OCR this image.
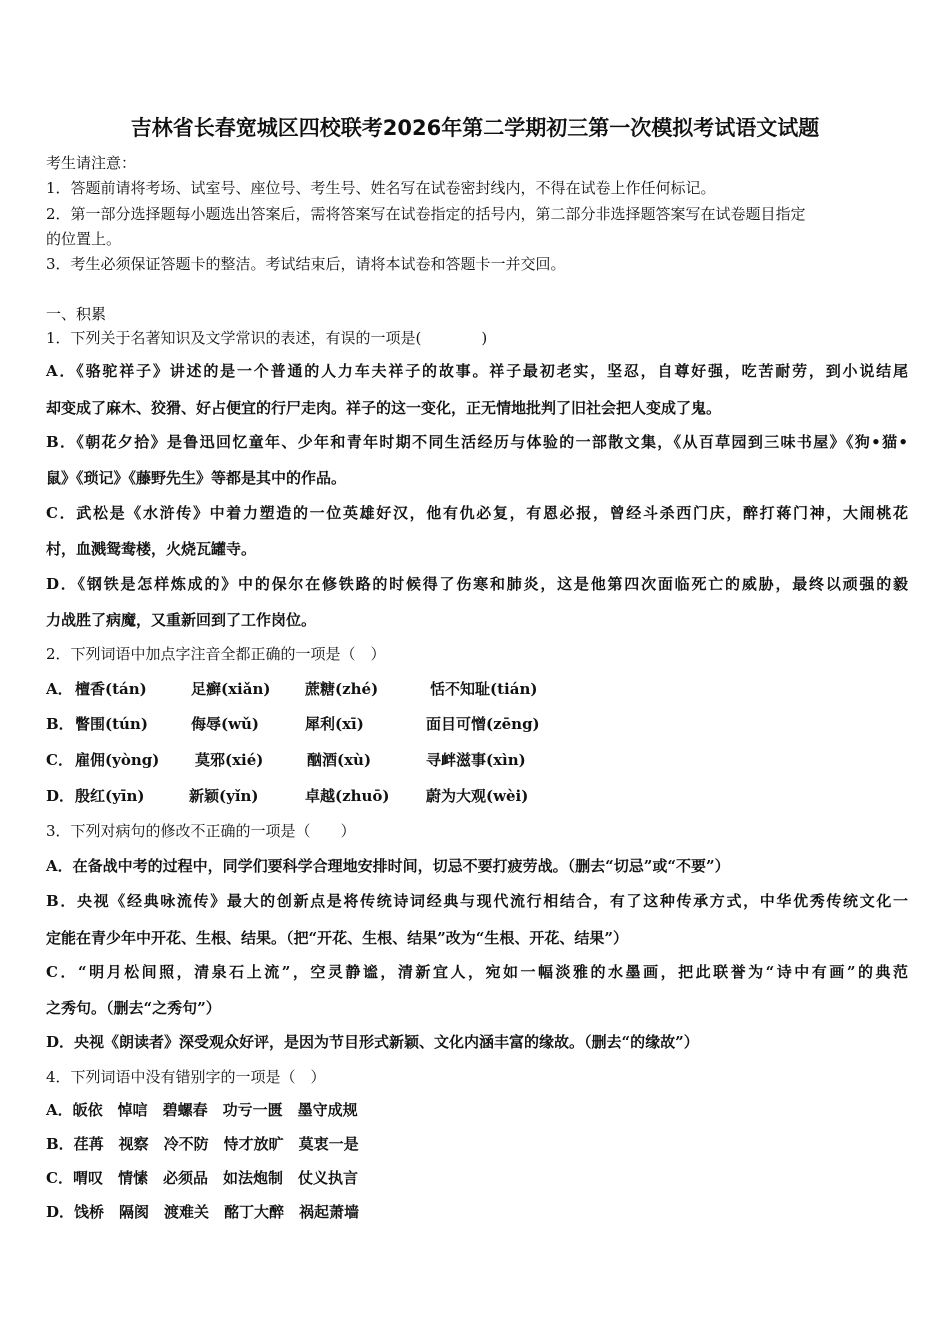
吉林省长春宽城区四校联考2026年第二学期初三第一次模拟考试语文试题
考生请注意：
1．答题前请将考场、试室号、座位号、考生号、姓名写在试卷密封线内，不得在试卷上作任何标记。
2．第一部分选择题每小题选出答案后，需将答案写在试卷指定的括号内，第二部分非选择题答案写在试卷题目指定
的位置上。
3．考生必须保证答题卡的整洁。考试结束后，请将本试卷和答题卡一并交回。
一、积累
1．下列关于名著知识及文学常识的表述，有误的一项是(　　　　)
A．《骆驼祥子》讲述的是一个普通的人力车夫祥子的故事。祥子最初老实，坚忍，自尊好强，吃苦耐劳，到小说结尾
却变成了麻木、狡猾、好占便宜的行尸走肉。祥子的这一变化，正无情地批判了旧社会把人变成了鬼。
B．《朝花夕拾》是鲁迅回忆童年、少年和青年时期不同生活经历与体验的一部散文集，《从百草园到三味书屋》《狗•猫•
鼠》《琐记》《藤野先生》等都是其中的作品。
C．武松是《水浒传》中着力塑造的一位英雄好汉，他有仇必复，有恩必报，曾经斗杀西门庆，醉打蒋门神，大闹桃花
村，血溅鸳鸯楼，火烧瓦罐寺。
D．《钢铁是怎样炼成的》中的保尔在修铁路的时候得了伤寒和肺炎，这是他第四次面临死亡的威胁，最终以顽强的毅
力战胜了病魔，又重新回到了工作岗位。
2．下列词语中加点字注音全都正确的一项是（　）
A． 檀香(tán)	足癣(xiǎn) 蔗糖(zhé)	恬不知耻(tián)
B． 瞥围(tún)	侮辱(wǔ)	犀利(xī)	面目可憎(zēng)
C． 雇佣(yòng) 莫邪(xié)	酗酒(xù)	寻衅滋事(xìn)
D． 殷红(yīn)	新颖(yǐn)	卓越(zhuō) 蔚为大观(wèi)
3．下列对病句的修改不正确的一项是（　　）
A．在备战中考的过程中，同学们要科学合理地安排时间，切忌不要打疲劳战。（删去“切忌”或“不要”）
B．央视《经典咏流传》最大的创新点是将传统诗词经典与现代流行相结合，有了这种传承方式，中华优秀传统文化一
定能在青少年中开花、生根、结果。（把“开花、生根、结果”改为“生根、开花、结果”）
C．“明月松间照，清泉石上流”，空灵静谧，清新宜人，宛如一幅淡雅的水墨画，把此联誉为“诗中有画”的典范
之秀句。（删去“之秀句”）
D．央视《朗读者》深受观众好评，是因为节目形式新颖、文化内涵丰富的缘故。（删去“的缘故”）
4．下列词语中没有错别字的一项是（　）
A．皈依　悼唁　碧螺春　功亏一匮　墨守成规
B．荏苒　视察　冷不防　恃才放旷　莫衷一是
C．喟叹　情愫　必须品　如法炮制　仗义执言
D．饯桥　隔阂　渡难关　酩丁大醉　祸起萧墙
